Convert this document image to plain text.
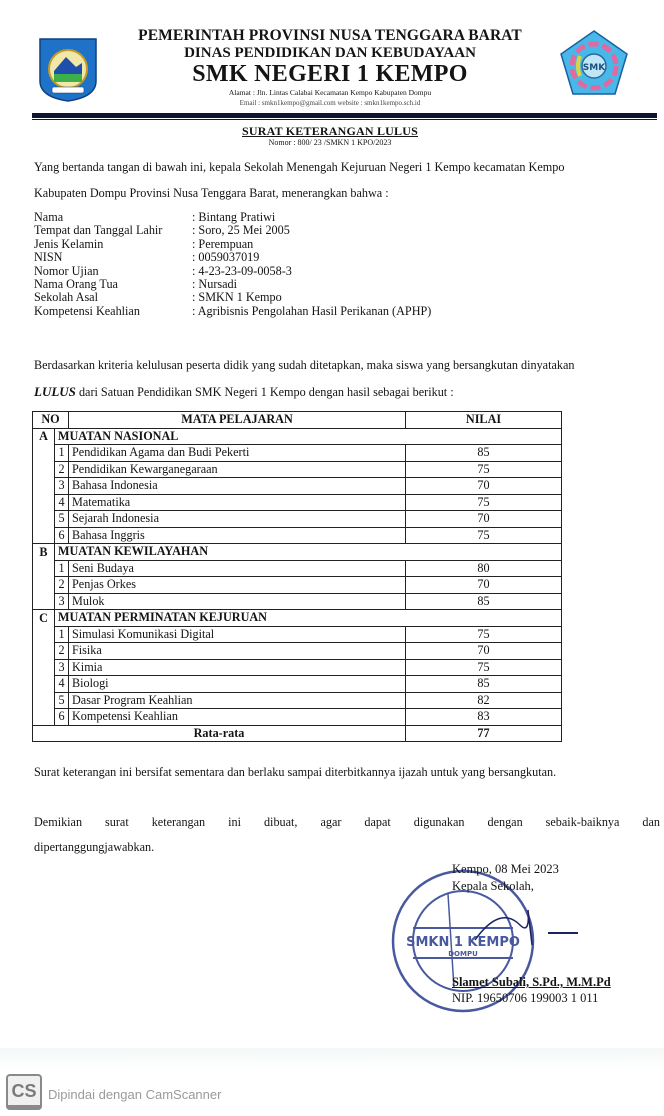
SMK
PEMERINTAH PROVINSI NUSA TENGGARA BARAT
DINAS PENDIDIKAN DAN KEBUDAYAAN
SMK NEGERI 1 KEMPO
Alamat : Jln. Lintas Calabai Kecamatan Kempo Kabupaten Dompu
Email : smkn1kempo@gmail.com website : smkn1kempo.sch.id
SURAT KETERANGAN LULUS
Nomor : 800/ 23 /SMKN 1 KPO/2023
Yang bertanda tangan di bawah ini, kepala Sekolah Menengah Kejuruan Negeri 1 Kempo kecamatan Kempo
Kabupaten Dompu Provinsi Nusa Tenggara Barat, menerangkan bahwa :
Nama	: Bintang Pratiwi
Tempat dan Tanggal Lahir	: Soro, 25 Mei 2005
Jenis Kelamin	: Perempuan
NISN	: 0059037019
Nomor Ujian	: 4-23-23-09-0058-3
Nama Orang Tua	: Nursadi
Sekolah Asal	: SMKN 1 Kempo
Kompetensi Keahlian	: Agribisnis Pengolahan Hasil Perikanan (APHP)
Berdasarkan kriteria kelulusan peserta didik yang sudah ditetapkan, maka siswa yang bersangkutan dinyatakan
LULUS dari Satuan Pendidikan SMK Negeri 1 Kempo dengan hasil sebagai berikut :
NO		MATA PELAJARAN	NILAI
A	MUATAN NASIONAL		
	1	Pendidikan Agama dan Budi Pekerti	85
	2	Pendidikan Kewarganegaraan	75
	3	Bahasa Indonesia	70
	4	Matematika	75
	5	Sejarah Indonesia	70
	6	Bahasa Inggris	75
B	MUATAN KEWILAYAHAN		
	1	Seni Budaya	80
	2	Penjas Orkes	70
	3	Mulok	85
C	MUATAN PERMINATAN KEJURUAN		
	1	Simulasi Komunikasi Digital	75
	2	Fisika	70
	3	Kimia	75
	4	Biologi	85
	5	Dasar Program Keahlian	82
	6	Kompetensi Keahlian	83
Rata-rata			77
Surat keterangan ini bersifat sementara dan berlaku sampai diterbitkannya ijazah untuk yang bersangkutan.
Demikian surat keterangan ini dibuat, agar dapat digunakan dengan sebaik-baiknya dan
dipertanggungjawabkan.
SMKN 1 KEMPO
DOMPU
Kempo, 08 Mei 2023
Kepala Sekolah,
Slamet Subali, S.Pd., M.M.Pd
NIP. 19650706 199003 1 011
CS Dipindai dengan CamScanner
